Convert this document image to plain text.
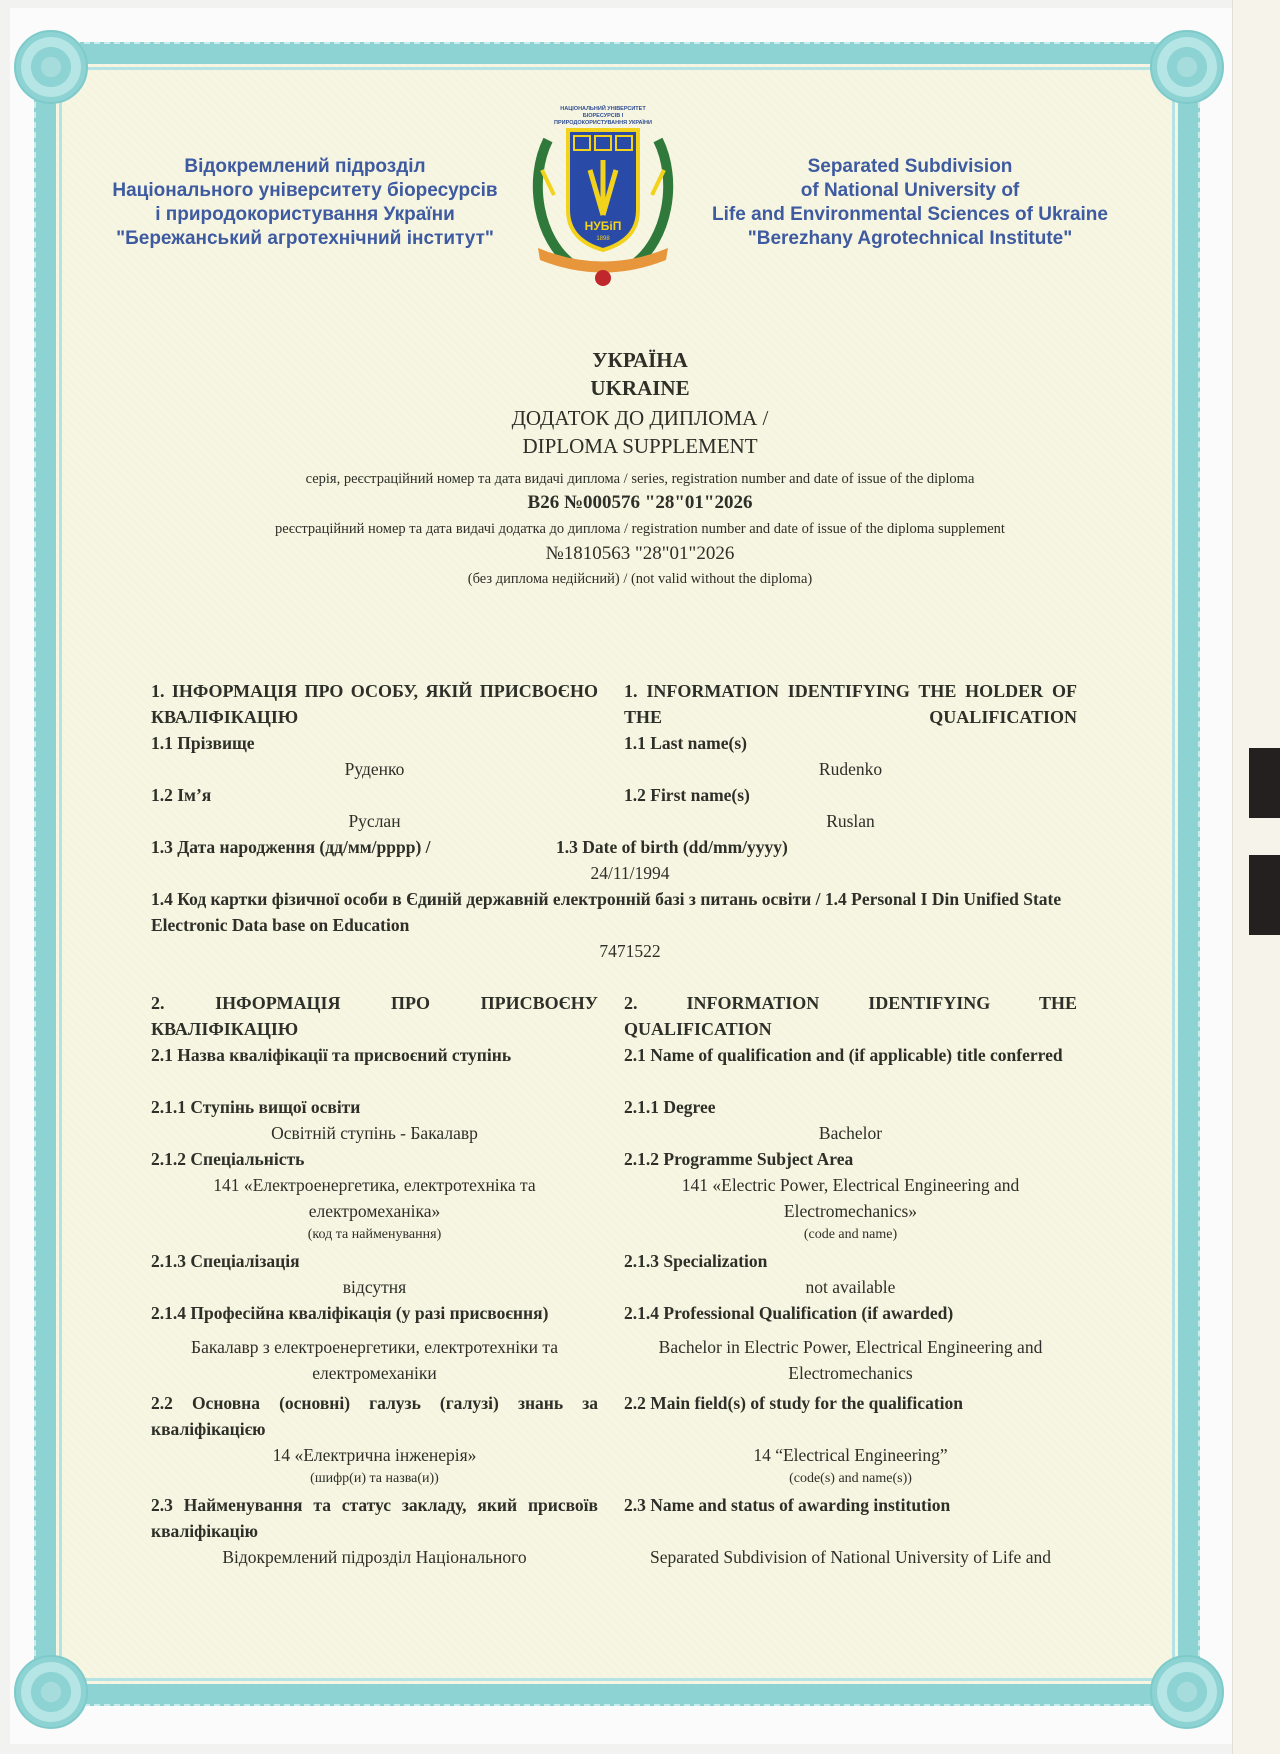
Відокремлений підрозділ
Національного університету біоресурсів
і природокористування України
"Бережанський агротехнічний інститут"
НАЦІОНАЛЬНИЙ УНІВЕРСИТЕТ БІОРЕСУРСІВ І ПРИРОДОКОРИСТУВАННЯ УКРАЇНИ
НУБіП
1898
Separated Subdivision
of National University of
Life and Environmental Sciences of Ukraine
"Berezhany Agrotechnical Institute"
УКРАЇНА
UKRAINE
ДОДАТОК ДО ДИПЛОМА /
DIPLOMA SUPPLEMENT
серія, реєстраційний номер та дата видачі диплома / series, registration number and date of issue of the diploma
B26 №000576 "28"01"2026
реєстраційний номер та дата видачі додатка до диплома / registration number and date of issue of the diploma supplement
№1810563 "28"01"2026
(без диплома недійсний) / (not valid without the diploma)
1. ІНФОРМАЦІЯ ПРО ОСОБУ, ЯКІЙ ПРИСВОЄНО КВАЛІФІКАЦІЮ
1. INFORMATION IDENTIFYING THE HOLDER OF THE QUALIFICATION
1.1 Прізвище
Руденко
1.1 Last name(s)
Rudenko
1.2 Ім’я
Руслан
1.2 First name(s)
Ruslan
1.3 Дата народження (дд/мм/рррр) /	1.3 Date of birth (dd/mm/yyyy)
24/11/1994
1.4 Код картки фізичної особи в Єдиній державній електронній базі з питань освіти / 1.4 Personal I Din Unified State Electronic Data base on Education
7471522
2. ІНФОРМАЦІЯ ПРО ПРИСВОЄНУ КВАЛІФІКАЦІЮ
2. INFORMATION IDENTIFYING THE QUALIFICATION
2.1 Назва кваліфікації та присвоєний ступінь	2.1 Name of qualification and (if applicable) title conferred
2.1.1 Ступінь вищої освіти
Освітній ступінь - Бакалавр
2.1.1 Degree
Bachelor
2.1.2 Спеціальність
141 «Електроенергетика, електротехніка та електромеханіка»
(код та найменування)
2.1.2 Programme Subject Area
141 «Electric Power, Electrical Engineering and Electromechanics»
(code and name)
2.1.3 Спеціалізація
відсутня
2.1.3 Specialization
not available
2.1.4 Професійна кваліфікація (у разі присвоєння)
Бакалавр з електроенергетики, електротехніки та електромеханіки
2.1.4 Professional Qualification (if awarded)
Bachelor in Electric Power, Electrical Engineering and Electromechanics
2.2 Основна (основні) галузь (галузі) знань за кваліфікацією
14 «Електрична інженерія»
(шифр(и) та назва(и))
2.2 Main field(s) of study for the qualification
14 “Electrical Engineering”
(code(s) and name(s))
2.3 Найменування та статус закладу, який присвоїв кваліфікацію
Відокремлений підрозділ Національного
2.3 Name and status of awarding institution
Separated Subdivision of National University of Life and
